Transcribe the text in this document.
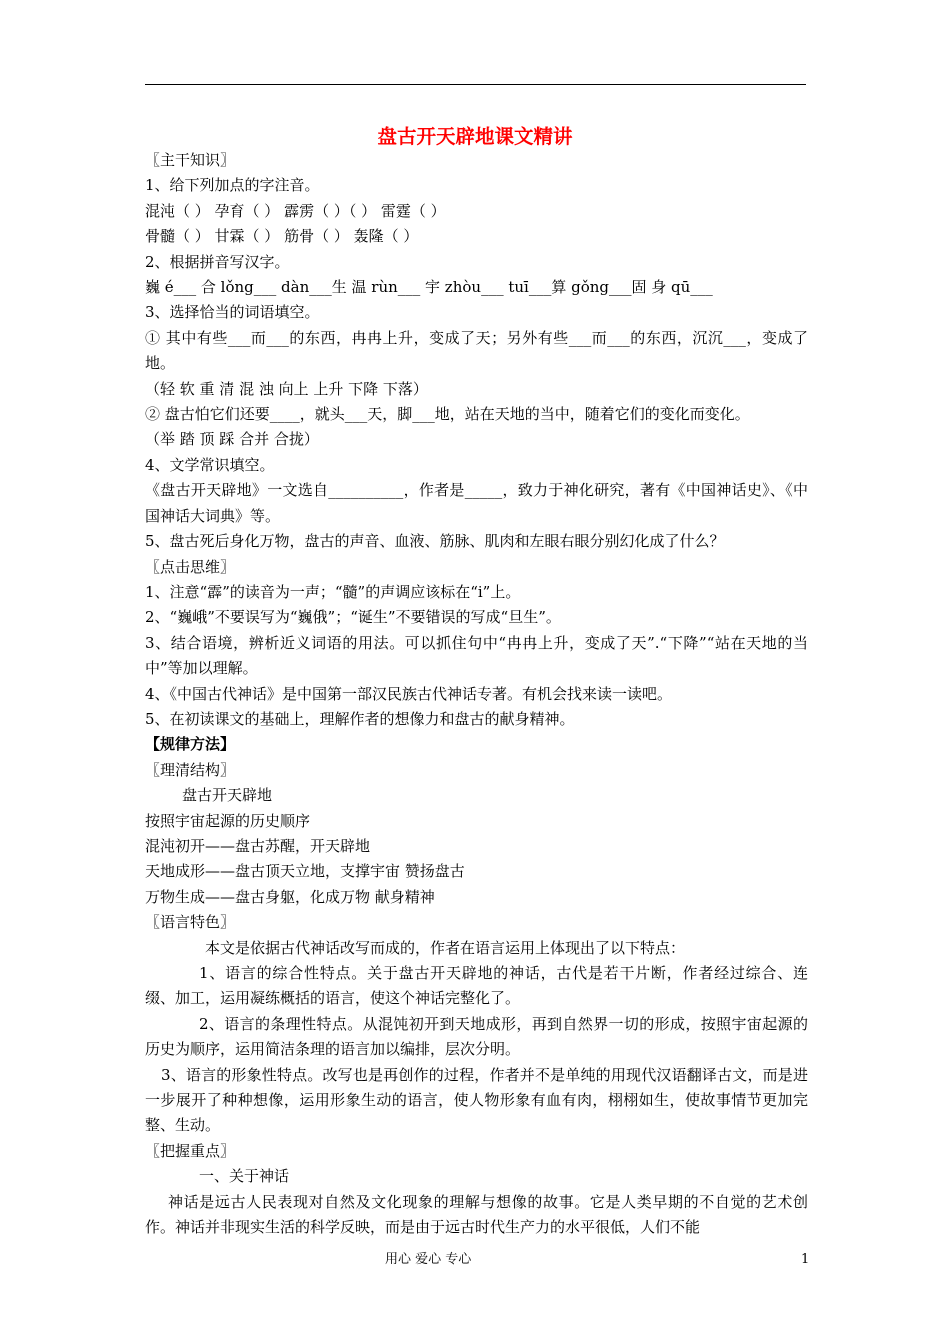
盘古开天辟地课文精讲

〖主干知识〗

1、给下列加点的字注音。

混沌（ ） 孕育（ ） 霹雳（ ）（ ） 雷霆（ ）

骨髓（ ） 甘霖（ ） 筋骨（ ） 轰隆（ ）

2、根据拼音写汉字。

巍 é___ 合 lǒng___ dàn___生 温 rùn___ 宇 zhòu___ tuī___算 gǒng___固 身 qū___

3、选择恰当的词语填空。

① 其中有些___而___的东西，冉冉上升，变成了天；另外有些___而___的东西，沉沉___，变成了地。

（轻 软 重 清 混 浊 向上 上升 下降 下落）

② 盘古怕它们还要____，就头___天，脚___地，站在天地的当中，随着它们的变化而变化。

（举 踏 顶 踩 合并 合拢）

4、文学常识填空。

《盘古开天辟地》一文选自__________，作者是_____，致力于神化研究，著有《中国神话史》、《中国神话大词典》等。

5、盘古死后身化万物，盘古的声音、血液、筋脉、肌肉和左眼右眼分别幻化成了什么？

〖点击思维〗

1、注意“霹”的读音为一声；“髓”的声调应该标在“i”上。

2、“巍峨”不要误写为“巍俄”；“诞生”不要错误的写成“旦生”。

3、结合语境，辨析近义词语的用法。可以抓住句中“冉冉上升，变成了天”.“下降”“站在天地的当中”等加以理解。

4、《中国古代神话》是中国第一部汉民族古代神话专著。有机会找来读一读吧。

5、在初读课文的基础上，理解作者的想像力和盘古的献身精神。

【规律方法】

〖理清结构〗

盘古开天辟地

按照宇宙起源的历史顺序

混沌初开——盘古苏醒，开天辟地

天地成形——盘古顶天立地，支撑宇宙 赞扬盘古

万物生成——盘古身躯，化成万物 献身精神

〖语言特色〗

本文是依据古代神话改写而成的，作者在语言运用上体现出了以下特点：

1、语言的综合性特点。关于盘古开天辟地的神话，古代是若干片断，作者经过综合、连缀、加工，运用凝练概括的语言，使这个神话完整化了。

2、语言的条理性特点。从混饨初开到天地成形，再到自然界一切的形成，按照宇宙起源的历史为顺序，运用简洁条理的语言加以编排，层次分明。

3、语言的形象性特点。改写也是再创作的过程，作者并不是单纯的用现代汉语翻译古文，而是进一步展开了种种想像，运用形象生动的语言，使人物形象有血有肉，栩栩如生，使故事情节更加完整、生动。

〖把握重点〗

一、关于神话

神话是远古人民表现对自然及文化现象的理解与想像的故事。它是人类早期的不自觉的艺术创作。神话并非现实生活的科学反映，而是由于远古时代生产力的水平很低，人们不能

用心 爱心 专心	1
